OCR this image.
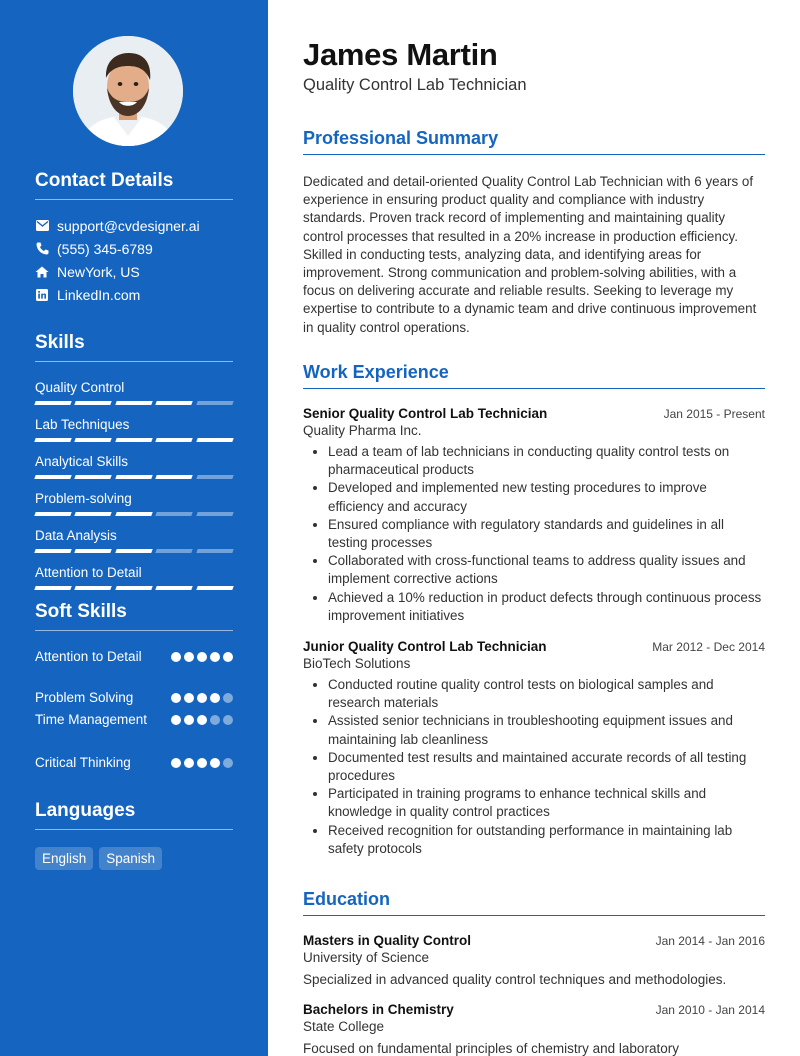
Contact Details
support@cvdesigner.ai
(555) 345-6789
NewYork, US
LinkedIn.com
Skills
Quality Control
Lab Techniques
Analytical Skills
Problem-solving
Data Analysis
Attention to Detail
Soft Skills
Attention to Detail
Problem Solving
Time Management
Critical Thinking
Languages
English	Spanish
James Martin
Quality Control Lab Technician
Professional Summary
Dedicated and detail-oriented Quality Control Lab Technician with 6 years of experience in ensuring product quality and compliance with industry standards. Proven track record of implementing and maintaining quality control processes that resulted in a 20% increase in production efficiency. Skilled in conducting tests, analyzing data, and identifying areas for improvement. Strong communication and problem-solving abilities, with a focus on delivering accurate and reliable results. Seeking to leverage my expertise to contribute to a dynamic team and drive continuous improvement in quality control operations.
Work Experience
Senior Quality Control Lab Technician	Jan 2015 - Present
Quality Pharma Inc.
• Lead a team of lab technicians in conducting quality control tests on pharmaceutical products
• Developed and implemented new testing procedures to improve efficiency and accuracy
• Ensured compliance with regulatory standards and guidelines in all testing processes
• Collaborated with cross-functional teams to address quality issues and implement corrective actions
• Achieved a 10% reduction in product defects through continuous process improvement initiatives
Junior Quality Control Lab Technician	Mar 2012 - Dec 2014
BioTech Solutions
• Conducted routine quality control tests on biological samples and research materials
• Assisted senior technicians in troubleshooting equipment issues and maintaining lab cleanliness
• Documented test results and maintained accurate records of all testing procedures
• Participated in training programs to enhance technical skills and knowledge in quality control practices
• Received recognition for outstanding performance in maintaining lab safety protocols
Education
Masters in Quality Control	Jan 2014 - Jan 2016
University of Science
Specialized in advanced quality control techniques and methodologies.
Bachelors in Chemistry	Jan 2010 - Jan 2014
State College
Focused on fundamental principles of chemistry and laboratory
